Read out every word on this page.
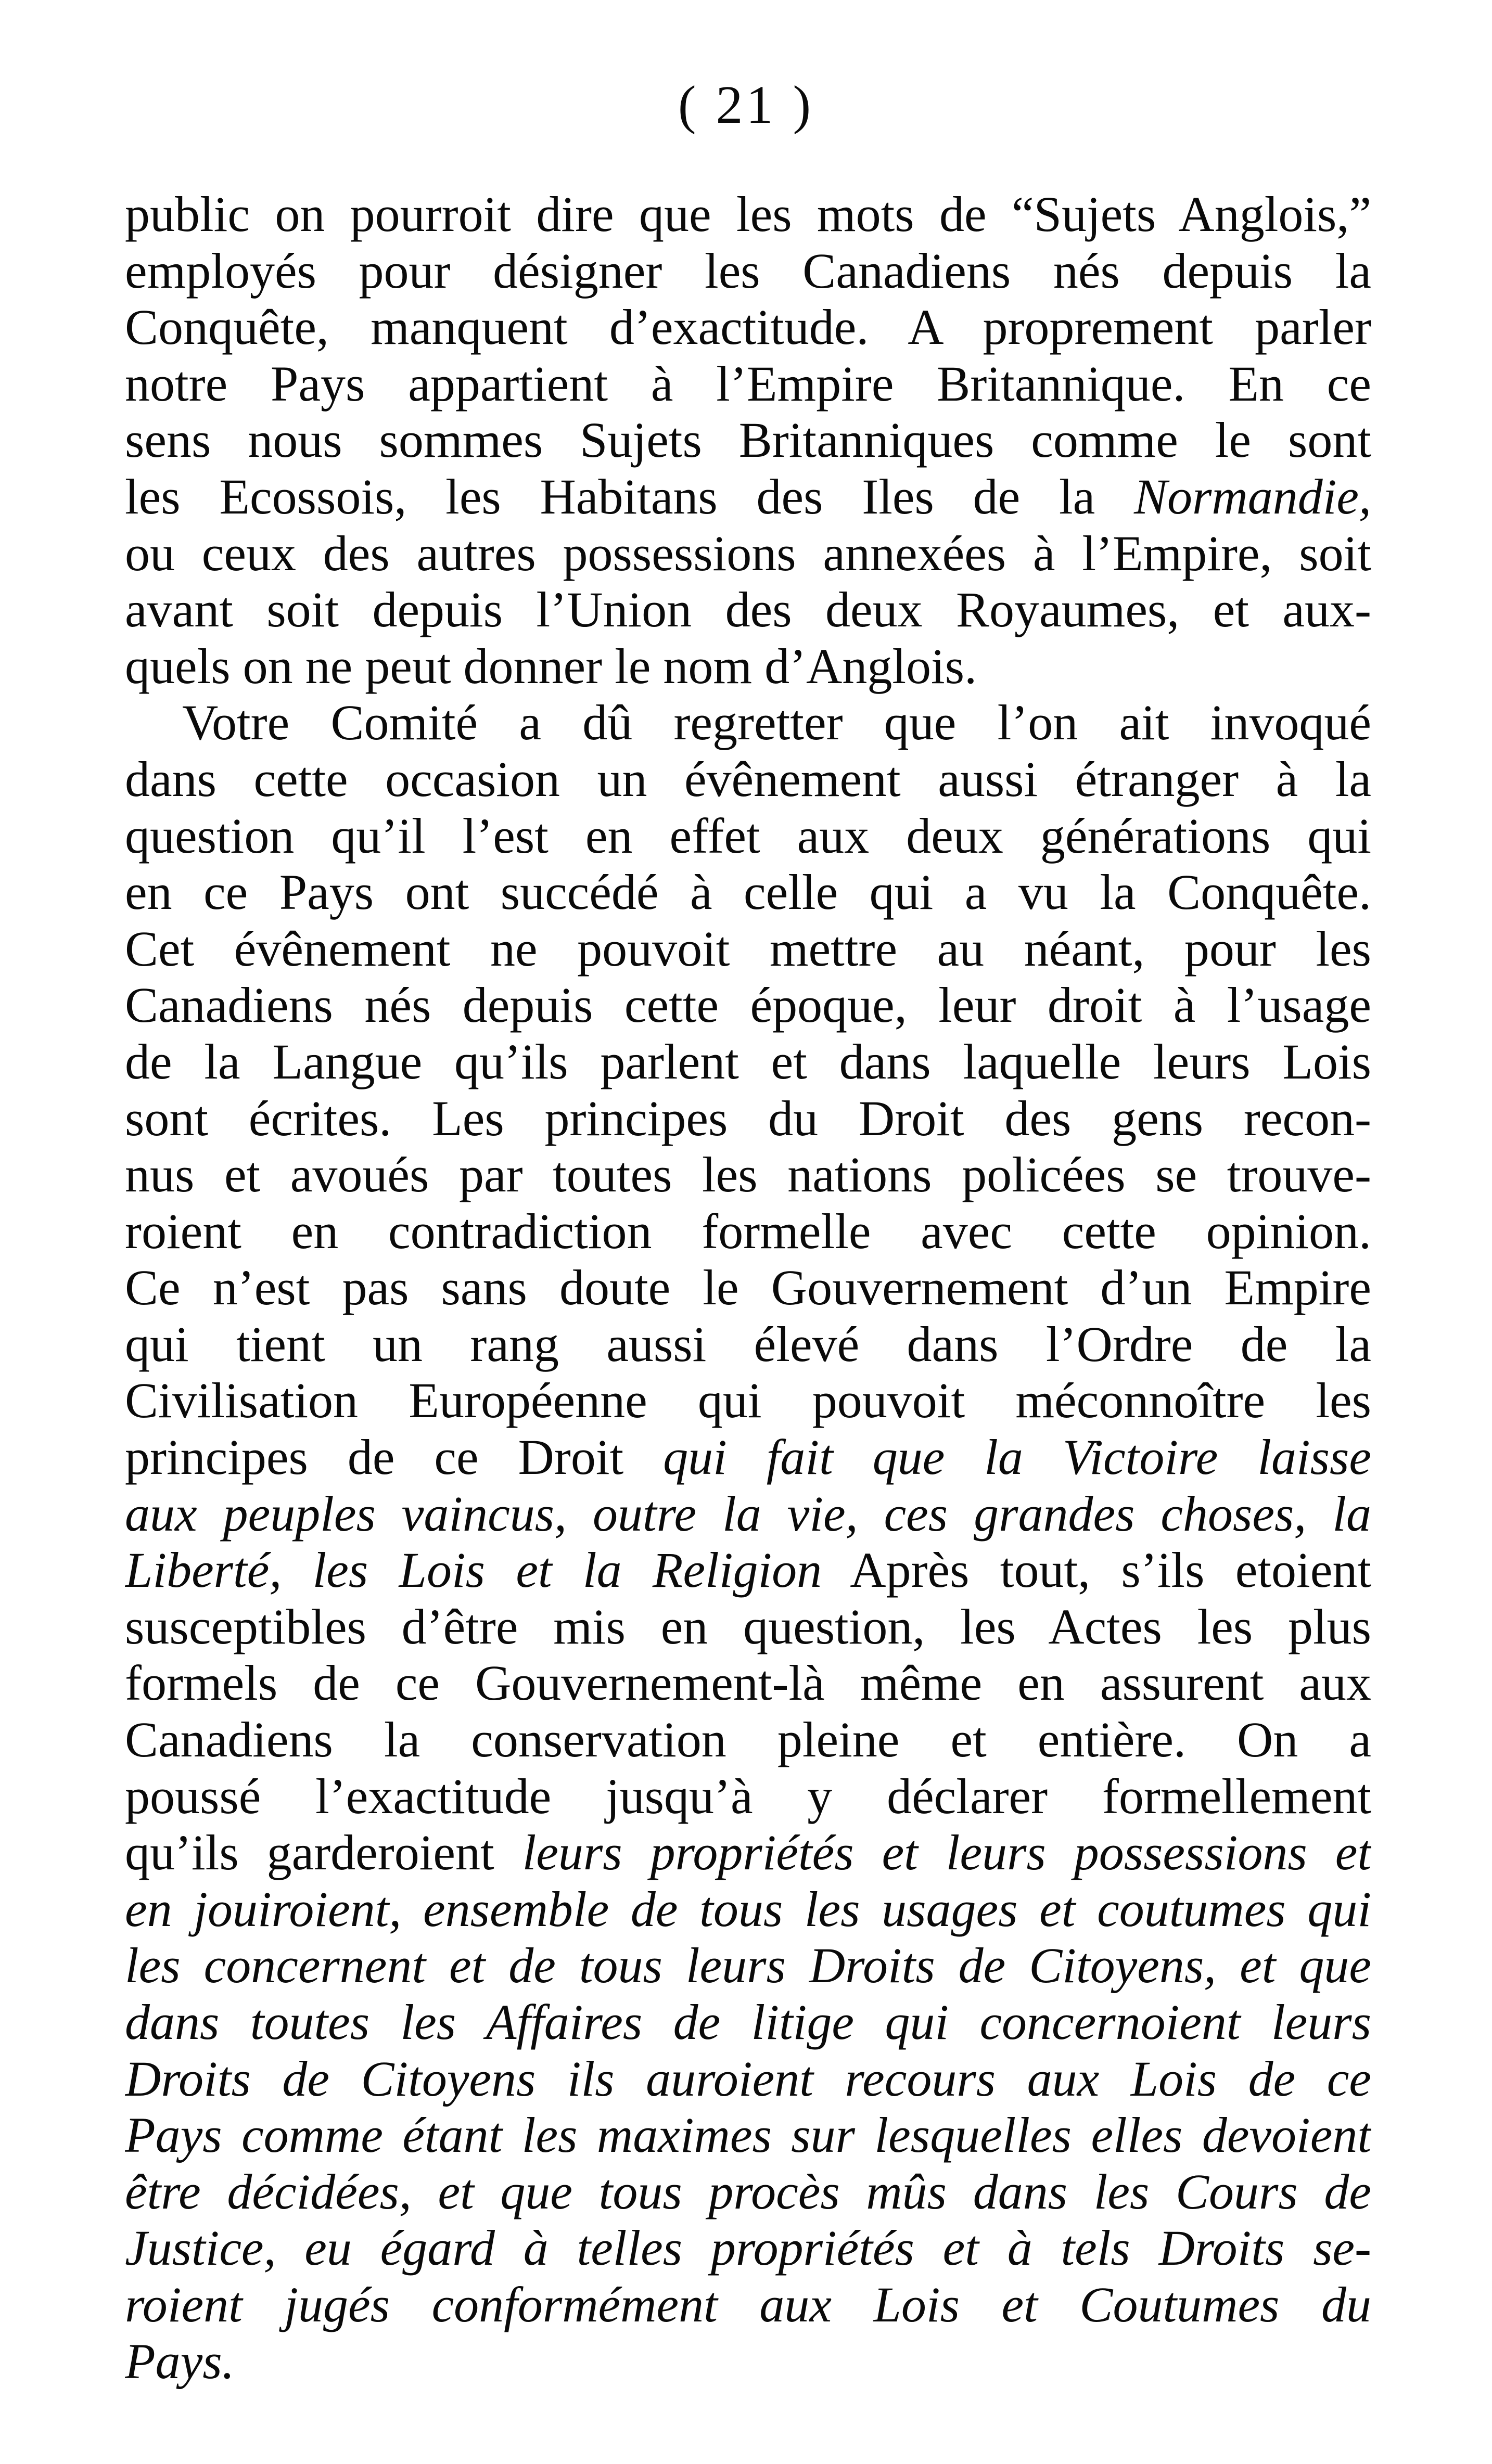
( 21 )
public on pourroit dire que les mots de “Sujets Anglois,”
employés pour désigner les Canadiens nés depuis la
Conquête, manquent d’exactitude. A proprement parler
notre Pays appartient à l’Empire Britannique. En ce
sens nous sommes Sujets Britanniques comme le sont
les Ecossois, les Habitans des Iles de la Normandie,
ou ceux des autres possessions annexées à l’Empire, soit
avant soit depuis l’Union des deux Royaumes, et aux-
quels on ne peut donner le nom d’Anglois.
Votre Comité a dû regretter que l’on ait invoqué
dans cette occasion un évênement aussi étranger à la
question qu’il l’est en effet aux deux générations qui
en ce Pays ont succédé à celle qui a vu la Conquête.
Cet évênement ne pouvoit mettre au néant, pour les
Canadiens nés depuis cette époque, leur droit à l’usage
de la Langue qu’ils parlent et dans laquelle leurs Lois
sont écrites. Les principes du Droit des gens recon-
nus et avoués par toutes les nations policées se trouve-
roient en contradiction formelle avec cette opinion.
Ce n’est pas sans doute le Gouvernement d’un Empire
qui tient un rang aussi élevé dans l’Ordre de la
Civilisation Européenne qui pouvoit méconnoître les
principes de ce Droit qui fait que la Victoire laisse
aux peuples vaincus, outre la vie, ces grandes choses, la
Liberté, les Lois et la Religion Après tout, s’ils etoient
susceptibles d’être mis en question, les Actes les plus
formels de ce Gouvernement-là même en assurent aux
Canadiens la conservation pleine et entière. On a
poussé l’exactitude jusqu’à y déclarer formellement
qu’ils garderoient leurs propriétés et leurs possessions et
en jouiroient, ensemble de tous les usages et coutumes qui
les concernent et de tous leurs Droits de Citoyens, et que
dans toutes les Affaires de litige qui concernoient leurs
Droits de Citoyens ils auroient recours aux Lois de ce
Pays comme étant les maximes sur lesquelles elles devoient
être décidées, et que tous procès mûs dans les Cours de
Justice, eu égard à telles propriétés et à tels Droits se-
roient jugés conformément aux Lois et Coutumes du
Pays.
